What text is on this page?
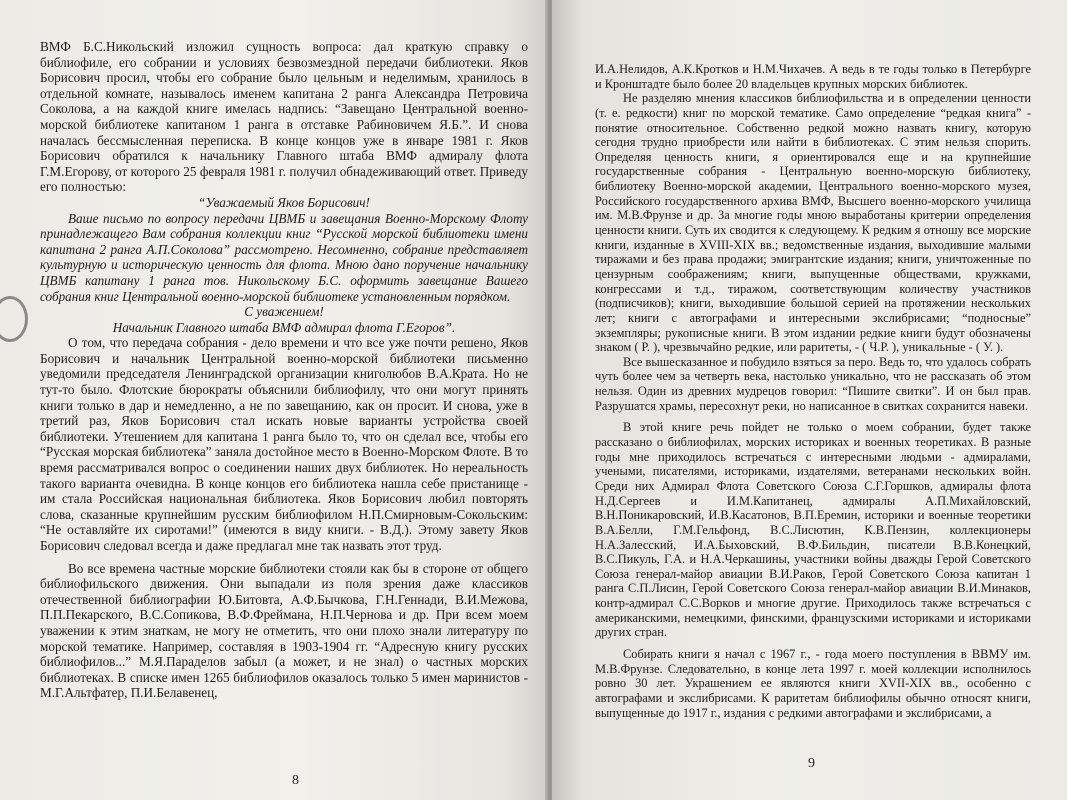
ВМФ Б.С.Никольский изложил сущность вопроса: дал краткую справку о библиофиле, его собрании и условиях безвозмездной передачи библиотеки. Яков Борисович просил, чтобы его собрание было цельным и неделимым, хранилось в отдельной комнате, называлось именем капитана 2 ранга Александра Петровича Соколова, а на каждой книге имелась надпись: “Завещано Центральной военно-морской библиотеке капитаном 1 ранга в отставке Рабиновичем Я.Б.”. И снова началась бессмысленная переписка. В конце концов уже в январе 1981 г. Яков Борисович обратился к начальнику Главного штаба ВМФ адмиралу флота Г.М.Егорову, от которого 25 февраля 1981 г. получил обнадеживающий ответ. Приведу его полностью:

“Уважаемый Яков Борисович!

Ваше письмо по вопросу передачи ЦВМБ и завещания Военно-Морскому Флоту принадлежащего Вам собрания коллекции книг “Русской морской библиотеки имени капитана 2 ранга А.П.Соколова” рассмотрено. Несомненно, собрание представляет культурную и историческую ценность для флота. Мною дано поручение начальнику ЦВМБ капитану 1 ранга тов. Никольскому Б.С. оформить завещание Вашего собрания книг Центральной военно-морской библиотеке установленным порядком.

С уважением!

Начальник Главного штаба ВМФ адмирал флота Г.Егоров”.

О том, что передача собрания - дело времени и что все уже почти решено, Яков Борисович и начальник Центральной военно-морской библиотеки письменно уведомили председателя Ленинградской организации книголюбов В.А.Крата. Но не тут-то было. Флотские бюрократы объяснили библиофилу, что они могут принять книги только в дар и немедленно, а не по завещанию, как он просит. И снова, уже в третий раз, Яков Борисович стал искать новые варианты устройства своей библиотеки. Утешением для капитана 1 ранга было то, что он сделал все, чтобы его “Русская морская библиотека” заняла достойное место в Военно-Морском Флоте. В то время рассматривался вопрос о соединении наших двух библиотек. Но нереальность такого варианта очевидна. В конце концов его библиотека нашла себе пристанище - им стала Российская национальная библиотека. Яков Борисович любил повторять слова, сказанные крупнейшим русским библиофилом Н.П.Смирновым-Сокольским: “Не оставляйте их сиротами!” (имеются в виду книги. - В.Д.). Этому завету Яков Борисович следовал всегда и даже предлагал мне так назвать этот труд.

Во все времена частные морские библиотеки стояли как бы в стороне от общего библиофильского движения. Они выпадали из поля зрения даже классиков отечественной библиографии Ю.Битовта, А.Ф.Бычкова, Г.Н.Геннади, В.И.Межова, П.П.Пекарского, В.С.Сопикова, В.Ф.Фреймана, Н.П.Чернова и др. При всем моем уважении к этим знаткам, не могу не отметить, что они плохо знали литературу по морской тематике. Например, составляя в 1903-1904 гг. “Адресную книгу русских библиофилов...” М.Я.Параделов забыл (а может, и не знал) о частных морских библиотеках. В списке имен 1265 библиофилов оказалось только 5 имен маринистов - М.Г.Альтфатер, П.И.Белавенец,

8

И.А.Нелидов, А.К.Кротков и Н.М.Чихачев. А ведь в те годы только в Петербурге и Кронштадте было более 20 владельцев крупных морских библиотек.

Не разделяю мнения классиков библиофильства и в определении ценности (т. е. редкости) книг по морской тематике. Само определение “редкая книга” - понятие относительное. Собственно редкой можно назвать книгу, которую сегодня трудно приобрести или найти в библиотеках. С этим нельзя спорить. Определяя ценность книги, я ориентировался еще и на крупнейшие государственные собрания - Центральную военно-морскую библиотеку, библиотеку Военно-морской академии, Центрального военно-морского музея, Российского государственного архива ВМФ, Высшего военно-морского училища им. М.В.Фрунзе и др. За многие годы мною выработаны критерии определения ценности книги. Суть их сводится к следующему. К редким я отношу все морские книги, изданные в XVIII-XIX вв.; ведомственные издания, выходившие малыми тиражами и без права продажи; эмигрантские издания; книги, уничтоженные по цензурным соображениям; книги, выпущенные обществами, кружками, конгрессами и т.д., тиражом, соответствующим количеству участников (подписчиков); книги, выходившие большой серией на протяжении нескольких лет; книги с автографами и интересными экслибрисами; “подносные” экземпляры; рукописные книги. В этом издании редкие книги будут обозначены знаком ( Р. ), чрезвычайно редкие, или раритеты, - ( Ч.Р. ), уникальные - ( У. ).

Все вышесказанное и побудило взяться за перо. Ведь то, что удалось собрать чуть более чем за четверть века, настолько уникально, что не рассказать об этом нельзя. Один из древних мудрецов говорил: “Пишите свитки”. И он был прав. Разрушатся храмы, пересохнут реки, но написанное в свитках сохранится навеки.

В этой книге речь пойдет не только о моем собрании, будет также рассказано о библиофилах, морских историках и военных теоретиках. В разные годы мне приходилось встречаться с интересными людьми - адмиралами, учеными, писателями, историками, издателями, ветеранами нескольких войн. Среди них Адмирал Флота Советского Союза С.Г.Горшков, адмиралы флота Н.Д.Сергеев и И.М.Капитанец, адмиралы А.П.Михайловский, В.Н.Поникаровский, И.В.Касатонов, В.П.Еремин, историки и военные теоретики В.А.Белли, Г.М.Гельфонд, В.С.Лисютин, К.В.Пензин, коллекционеры Н.А.Залесский, И.А.Быховский, В.Ф.Бильдин, писатели В.В.Конецкий, В.С.Пикуль, Г.А. и Н.А.Черкашины, участники войны дважды Герой Советского Союза генерал-майор авиации В.И.Раков, Герой Советского Союза капитан 1 ранга С.П.Лисин, Герой Советского Союза генерал-майор авиации В.И.Минаков, контр-адмирал С.С.Ворков и многие другие. Приходилось также встречаться с американскими, немецкими, финскими, французскими историками и историками других стран.

Собирать книги я начал с 1967 г., - года моего поступления в ВВМУ им. М.В.Фрунзе. Следовательно, в конце лета 1997 г. моей коллекции исполнилось ровно 30 лет. Украшением ее являются книги XVII-XIX вв., особенно с автографами и экслибрисами. К раритетам библиофилы обычно относят книги, выпущенные до 1917 г., издания с редкими автографами и экслибрисами, а

9
